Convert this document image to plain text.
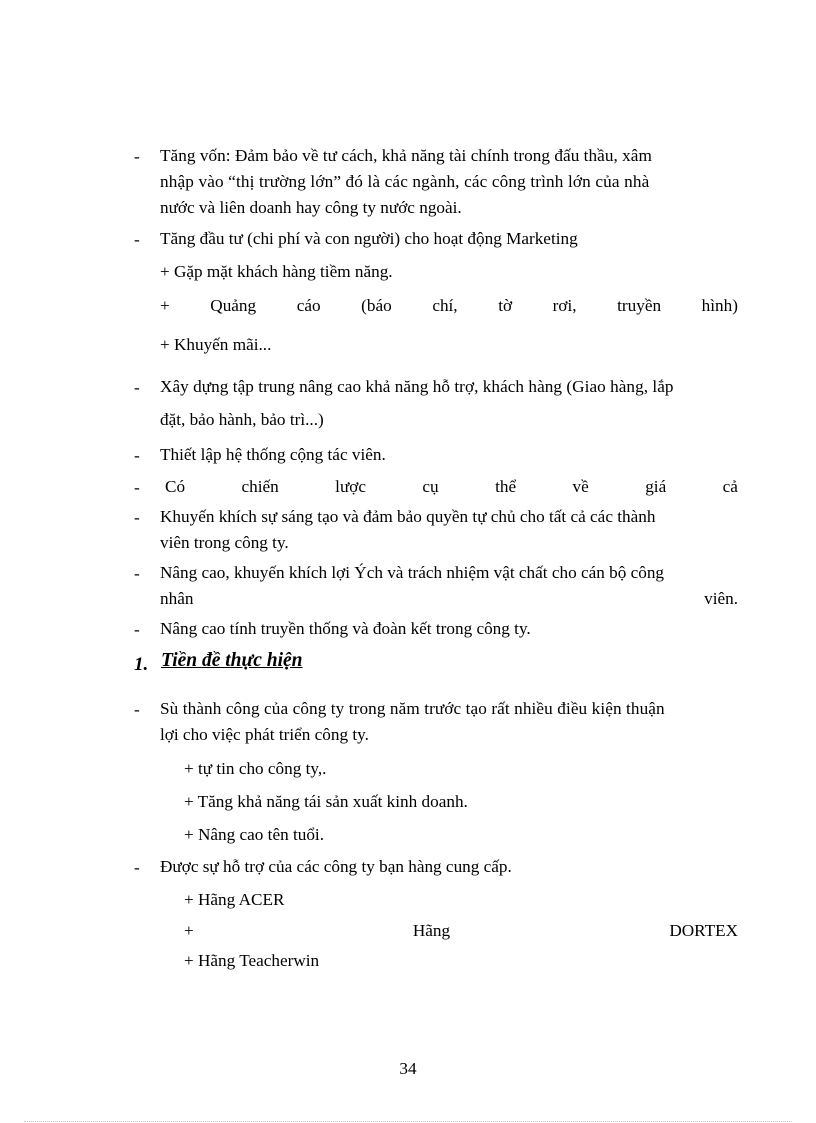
- Tăng vốn: Đảm bảo về tư cách, khả năng tài chính trong đấu thầu, xâm
nhập vào “thị trường lớn” đó là các ngành, các công trình lớn của nhà
nước và liên doanh hay công ty nước ngoài.
- Tăng đầu tư (chi phí và con người) cho hoạt động Marketing
+ Gặp mặt khách hàng tiềm năng.
+ Quảng cáo (báo chí, tờ rơi, truyền hình)
+ Khuyến mãi...
- Xây dựng tập trung nâng cao khả năng hỗ trợ, khách hàng (Giao hàng, lắp
đặt, bảo hành, bảo trì...)
- Thiết lập hệ thống cộng tác viên.
- Có	chiến	lược	cụ	thể	về	giá	cả
- Khuyến khích sự sáng tạo và đảm bảo quyền tự chủ cho tất cả các thành
viên trong công ty.
- Nâng cao, khuyến khích lợi Ých và trách nhiệm vật chất cho cán bộ công
nhân	viên.
- Nâng cao tính truyền thống và đoàn kết trong công ty.
1. Tiền đề thực hiện
- Sù thành công của công ty trong năm trước tạo rất nhiều điều kiện thuận
lợi cho việc phát triển công ty.
+ tự tin cho công ty,.
+ Tăng khả năng tái sản xuất kinh doanh.
+ Nâng cao tên tuổi.
- Được sự hỗ trợ của các công ty bạn hàng cung cấp.
+ Hãng ACER
+	Hãng	DORTEX
+ Hãng Teacherwin
34
